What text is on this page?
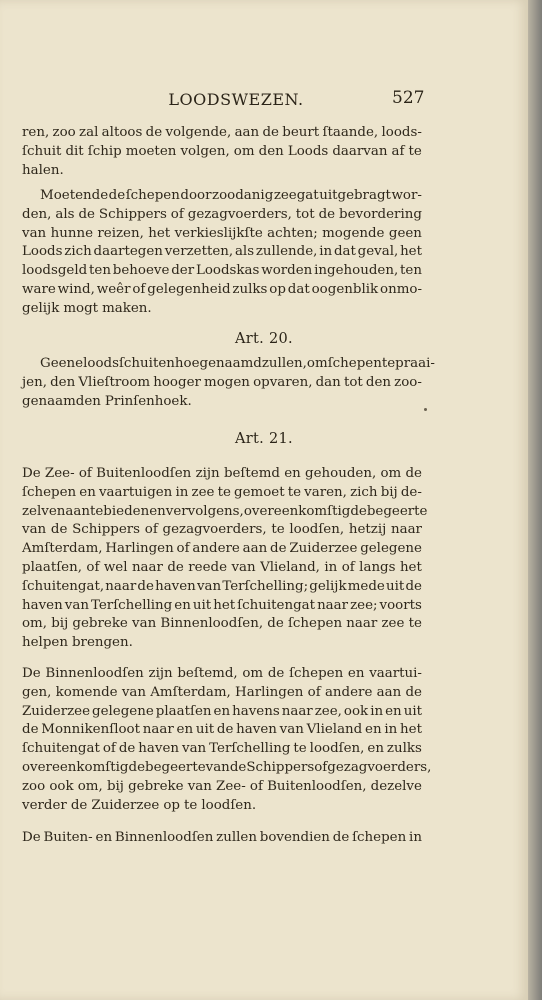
LOODSWEZEN.	527
ren, zoo zal altoos de volgende, aan de beurt ſtaande, loods-
ſchuit dit ſchip moeten volgen, om den Loods daarvan af te
halen.
Moetende de ſchepen door zoodanig zeegat uitgebragt wor-
den, als de Schippers of gezagvoerders, tot de bevordering
van hunne reizen, het verkieslijkſte achten; mogende geen
Loods zich daartegen verzetten, als zullende, in dat geval, het
loodsgeld ten behoeve der Loodskas worden ingehouden, ten
ware wind, weêr of gelegenheid zulks op dat oogenblik onmo-
gelijk mogt maken.
Art. 20.
Geene loodsſchuiten hoegenaamd zullen, om ſchepen te praai-
jen, den Vlieſtroom hooger mogen opvaren, dan tot den zoo-
genaamden Prinſenhoek.
Art. 21.
De Zee- of Buitenloodſen zijn beſtemd en gehouden, om de
ſchepen en vaartuigen in zee te gemoet te varen, zich bij de-
zelven aan te bieden en vervolgens, overeenkomſtig de begeerte
van de Schippers of gezagvoerders, te loodſen, hetzij naar
Amſterdam, Harlingen of andere aan de Zuiderzee gelegene
plaatſen, of wel naar de reede van Vlieland, in of langs het
ſchuitengat, naar de haven van Terſchelling; gelijk mede uit de
haven van Terſchelling en uit het ſchuitengat naar zee; voorts
om, bij gebreke van Binnenloodſen, de ſchepen naar zee te
helpen brengen.
De Binnenloodſen zijn beſtemd, om de ſchepen en vaartui-
gen, komende van Amſterdam, Harlingen of andere aan de
Zuiderzee gelegene plaatſen en havens naar zee, ook in en uit
de Monnikenſloot naar en uit de haven van Vlieland en in het
ſchuitengat of de haven van Terſchelling te loodſen, en zulks
overeenkomſtig de begeerte van de Schippers of gezagvoerders,
zoo ook om, bij gebreke van Zee- of Buitenloodſen, dezelve
verder de Zuiderzee op te loodſen.
De Buiten- en Binnenloodſen zullen bovendien de ſchepen in
